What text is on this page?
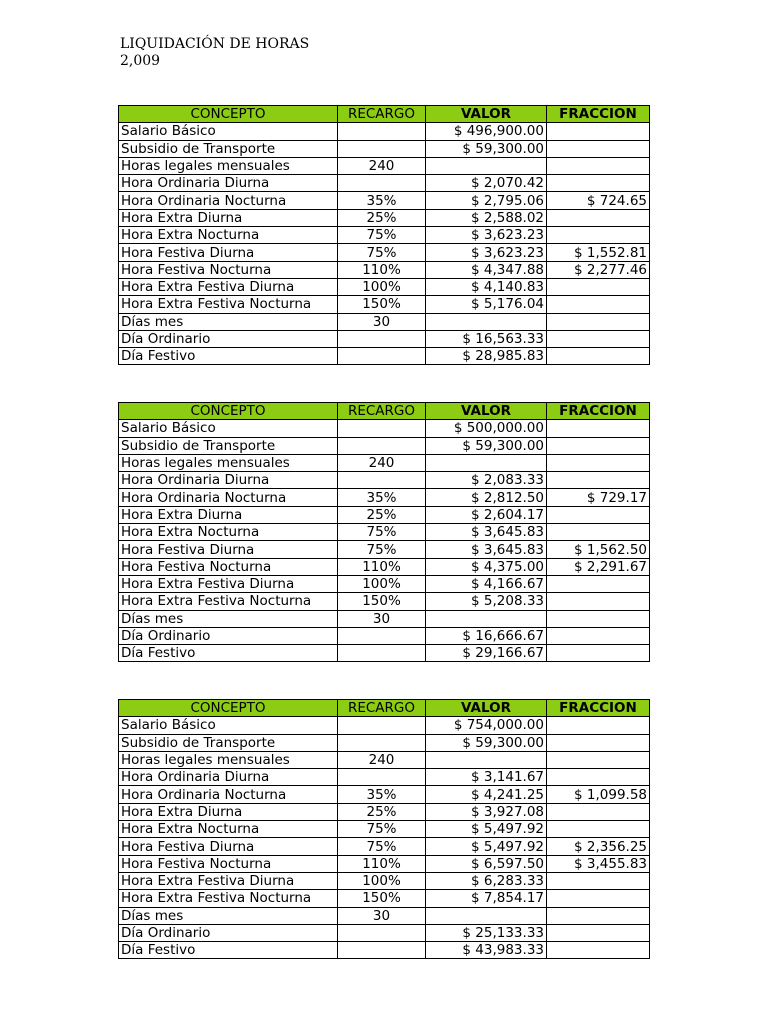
LIQUIDACIÓN DE HORAS
2,009
CONCEPTO	RECARGO	VALOR	FRACCION
Salario Básico		$ 496,900.00	
Subsidio de Transporte		$ 59,300.00	
Horas legales mensuales	240		
Hora Ordinaria Diurna		$ 2,070.42	
Hora Ordinaria Nocturna	35%	$ 2,795.06	$ 724.65
Hora Extra Diurna	25%	$ 2,588.02	
Hora Extra Nocturna	75%	$ 3,623.23	
Hora Festiva Diurna	75%	$ 3,623.23	$ 1,552.81
Hora Festiva Nocturna	110%	$ 4,347.88	$ 2,277.46
Hora Extra Festiva Diurna	100%	$ 4,140.83	
Hora Extra Festiva Nocturna	150%	$ 5,176.04	
Días mes	30		
Día Ordinario		$ 16,563.33	
Día Festivo		$ 28,985.83	
CONCEPTO	RECARGO	VALOR	FRACCION
Salario Básico		$ 500,000.00	
Subsidio de Transporte		$ 59,300.00	
Horas legales mensuales	240		
Hora Ordinaria Diurna		$ 2,083.33	
Hora Ordinaria Nocturna	35%	$ 2,812.50	$ 729.17
Hora Extra Diurna	25%	$ 2,604.17	
Hora Extra Nocturna	75%	$ 3,645.83	
Hora Festiva Diurna	75%	$ 3,645.83	$ 1,562.50
Hora Festiva Nocturna	110%	$ 4,375.00	$ 2,291.67
Hora Extra Festiva Diurna	100%	$ 4,166.67	
Hora Extra Festiva Nocturna	150%	$ 5,208.33	
Días mes	30		
Día Ordinario		$ 16,666.67	
Día Festivo		$ 29,166.67	
CONCEPTO	RECARGO	VALOR	FRACCION
Salario Básico		$ 754,000.00	
Subsidio de Transporte		$ 59,300.00	
Horas legales mensuales	240		
Hora Ordinaria Diurna		$ 3,141.67	
Hora Ordinaria Nocturna	35%	$ 4,241.25	$ 1,099.58
Hora Extra Diurna	25%	$ 3,927.08	
Hora Extra Nocturna	75%	$ 5,497.92	
Hora Festiva Diurna	75%	$ 5,497.92	$ 2,356.25
Hora Festiva Nocturna	110%	$ 6,597.50	$ 3,455.83
Hora Extra Festiva Diurna	100%	$ 6,283.33	
Hora Extra Festiva Nocturna	150%	$ 7,854.17	
Días mes	30		
Día Ordinario		$ 25,133.33	
Día Festivo		$ 43,983.33	
